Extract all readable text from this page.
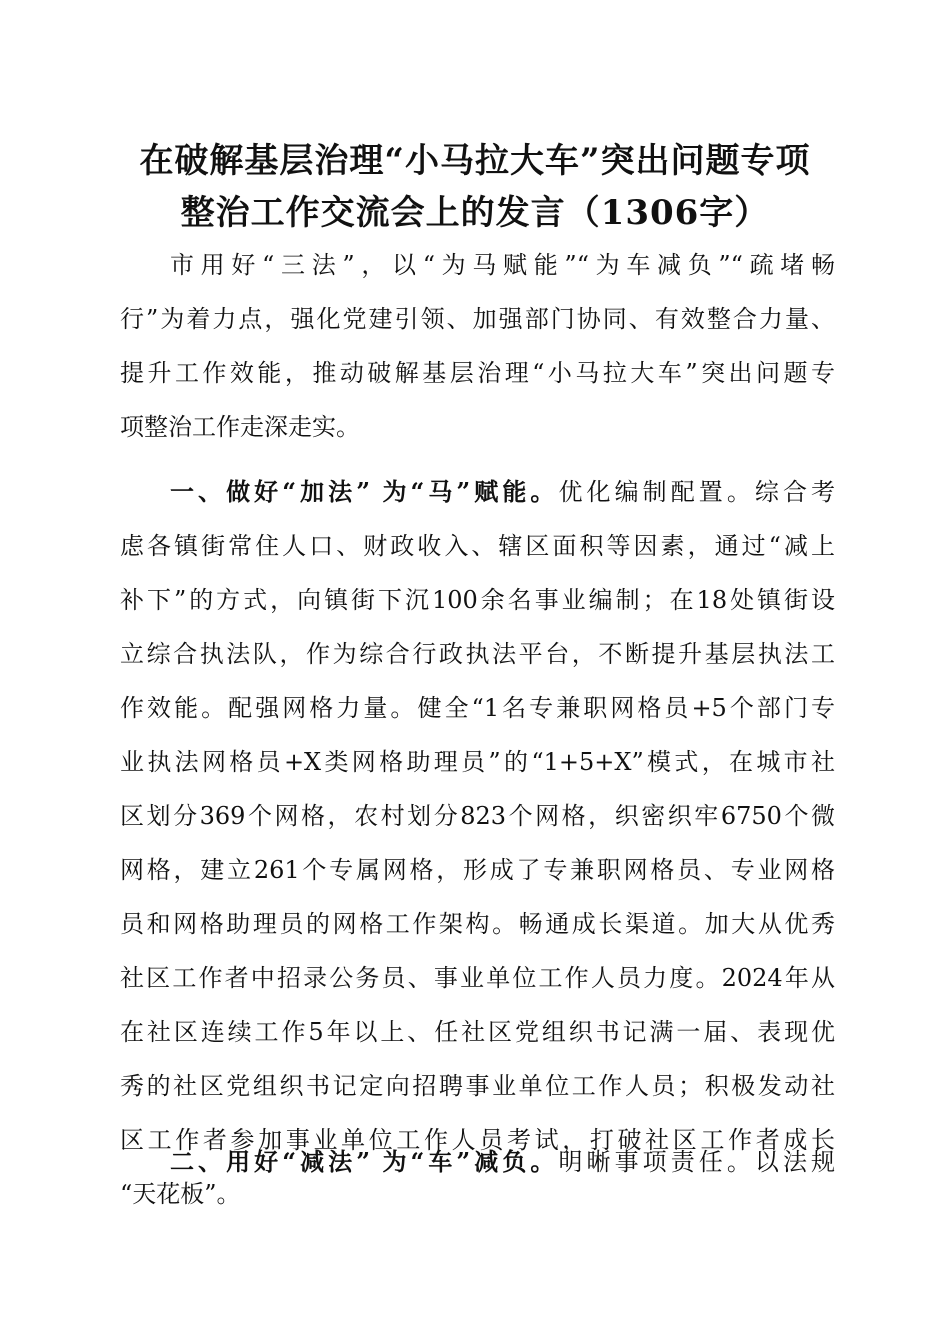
在破解基层治理“小马拉大车”突出问题专项
整治工作交流会上的发言（1306字）
市用好“三法”，以“为马赋能”“为车减负”“疏堵畅
行”为着力点，强化党建引领、加强部门协同、有效整合力量、
提升工作效能，推动破解基层治理“小马拉大车”突出问题专
项整治工作走深走实。
一、做好“加法” 为“马”赋能。优化编制配置。综合考
虑各镇街常住人口、财政收入、辖区面积等因素，通过“减上
补下”的方式，向镇街下沉100余名事业编制；在18处镇街设
立综合执法队，作为综合行政执法平台，不断提升基层执法工
作效能。配强网格力量。健全“1名专兼职网格员+5个部门专
业执法网格员+X类网格助理员”的“1+5+X”模式，在城市社
区划分369个网格，农村划分823个网格，织密织牢6750个微
网格，建立261个专属网格，形成了专兼职网格员、专业网格
员和网格助理员的网格工作架构。畅通成长渠道。加大从优秀
社区工作者中招录公务员、事业单位工作人员力度。2024年从
在社区连续工作5年以上、任社区党组织书记满一届、表现优
秀的社区党组织书记定向招聘事业单位工作人员；积极发动社
区工作者参加事业单位工作人员考试，打破社区工作者成长
“天花板”。
二、用好“减法” 为“车”减负。明晰事项责任。以法规
